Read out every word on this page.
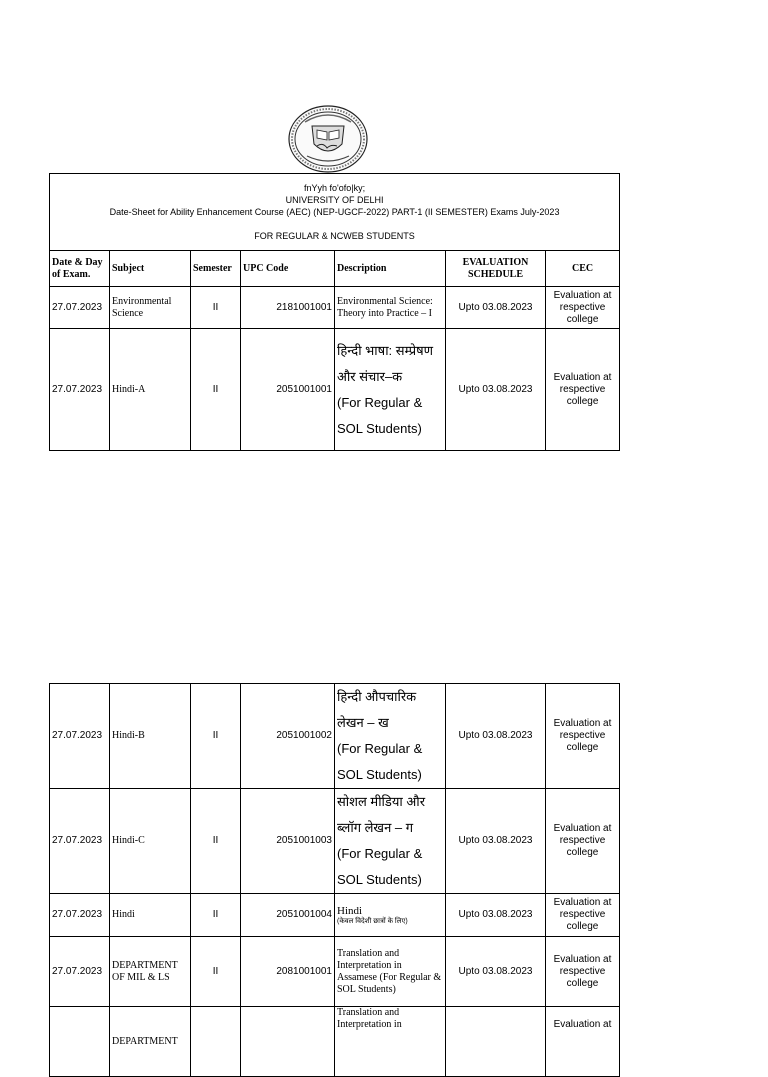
fnYyh fo'ofo|ky;
UNIVERSITY OF DELHI
Date-Sheet for Ability Enhancement Course (AEC) (NEP-UGCF-2022) PART-1 (II SEMESTER) Exams July-2023
FOR REGULAR & NCWEB STUDENTS						

Date & Day of Exam.	Subject	Semester	UPC Code	Description	EVALUATION SCHEDULE	CEC
27.07.2023	Environmental Science	II	2181001001	Environmental Science: Theory into Practice – I	Upto 03.08.2023	Evaluation at respective college
27.07.2023	Hindi-A	II	2051001001	हिन्दी भाषा: सम्प्रेषण
और संचार–क
(For Regular &
SOL Students)	Upto 03.08.2023	Evaluation at respective college
27.07.2023	Hindi-B	II	2051001002	हिन्दी औपचारिक
लेखन – ख
(For Regular &
SOL Students)	Upto 03.08.2023	Evaluation at respective college
27.07.2023	Hindi-C	II	2051001003	सोशल मीडिया और
ब्लॉग लेखन – ग
(For Regular &
SOL Students)	Upto 03.08.2023	Evaluation at respective college
27.07.2023	Hindi	II	2051001004	Hindi
(केवल विदेशी छात्रों के लिए)	Upto 03.08.2023	Evaluation at respective college
27.07.2023	DEPARTMENT OF MIL & LS	II	2081001001	Translation and Interpretation in Assamese (For Regular & SOL Students)	Upto 03.08.2023	Evaluation at respective college
	DEPARTMENT			Translation and Interpretation in		Evaluation at
